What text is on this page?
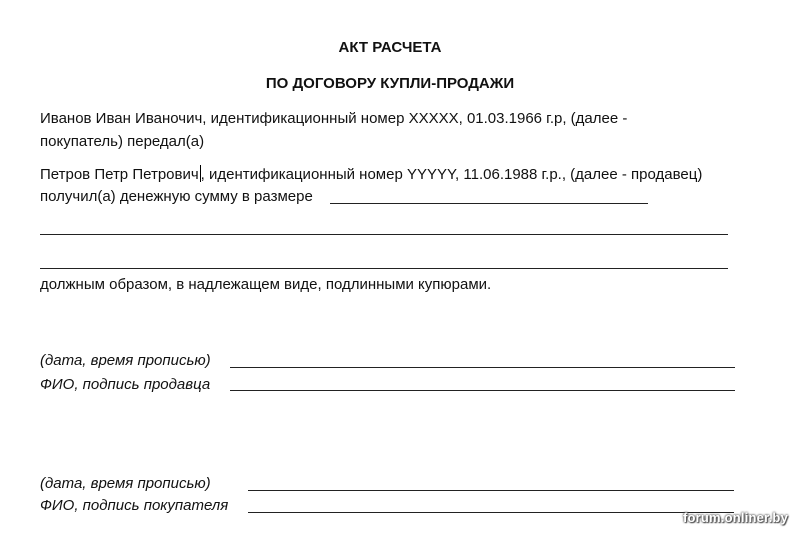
АКТ РАСЧЕТА
ПО ДОГОВОРУ КУПЛИ-ПРОДАЖИ
Иванов Иван Иваночич, идентификационный номер XXXXX, 01.03.1966 г.р, (далее -
покупатель) передал(а)
Петров Петр Петрович , идентификационный номер YYYYY, 11.06.1988 г.р., (далее - продавец)
получил(а) денежную сумму в размере
должным образом, в надлежащем виде, подлинными купюрами.
(дата, время прописью)
ФИО, подпись продавца
(дата, время прописью)
ФИО, подпись покупателя
forum.onliner.by
